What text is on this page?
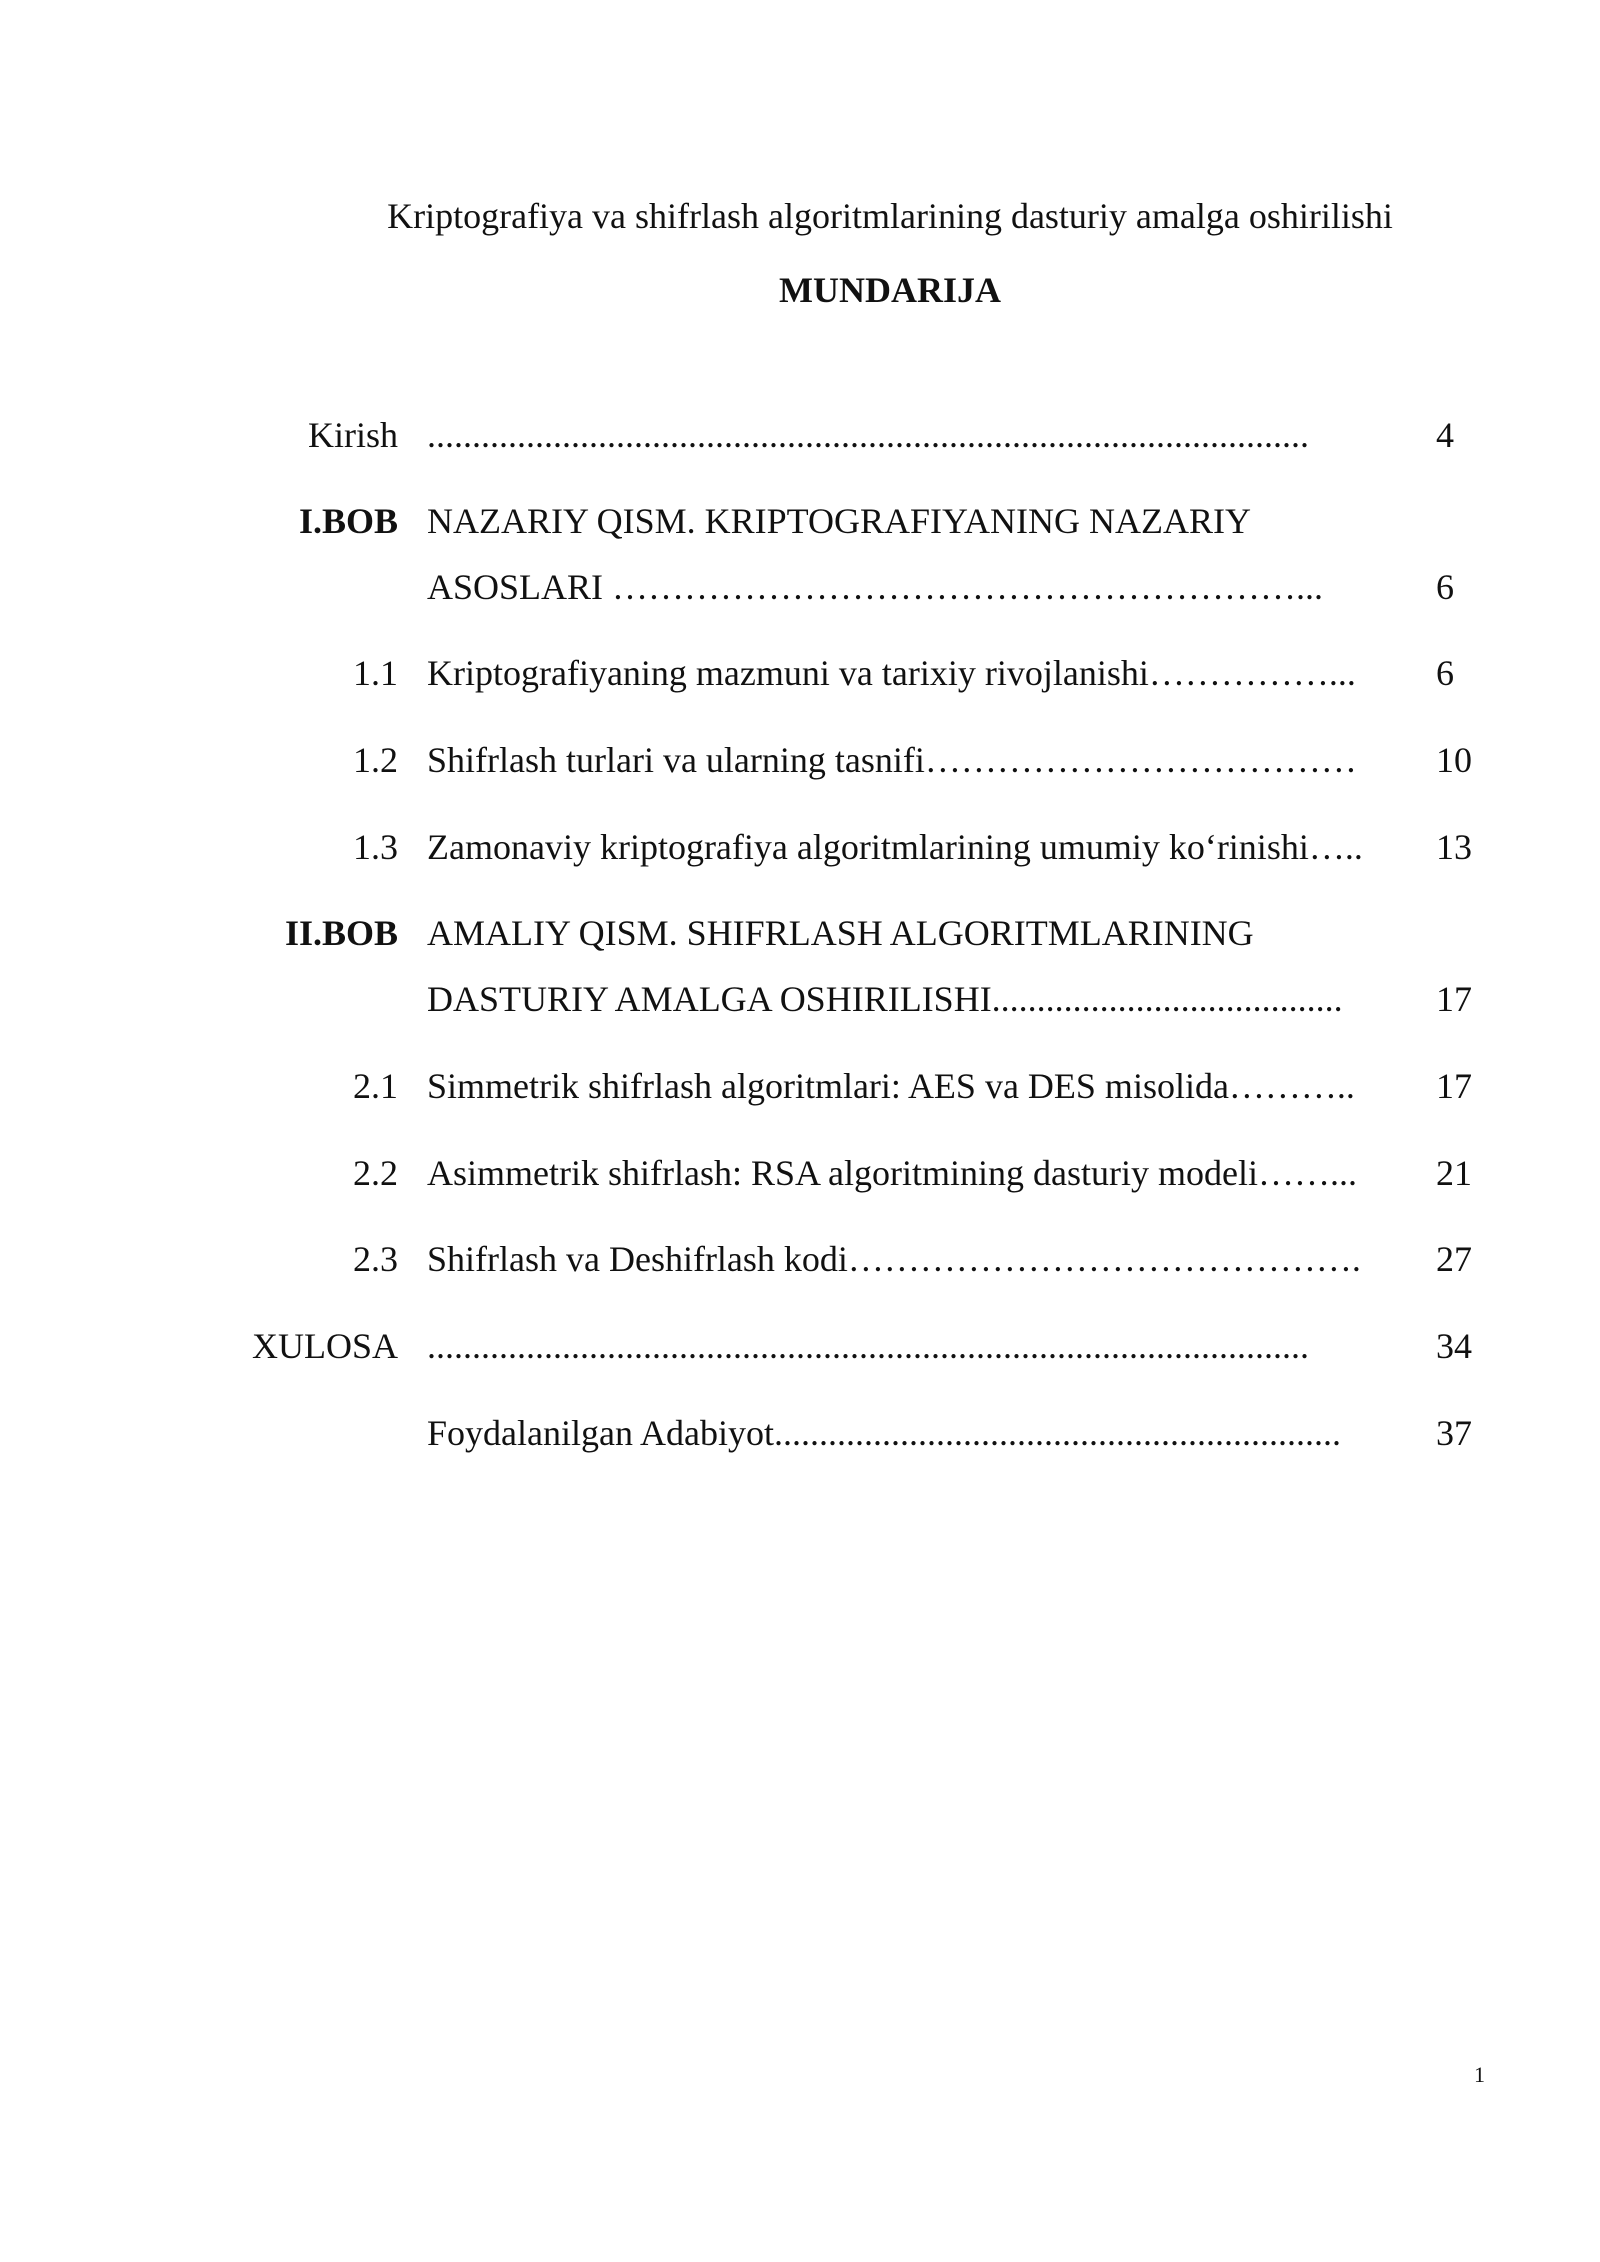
Kriptografiya va shifrlash algoritmlarining dasturiy amalga oshirilishi
MUNDARIJA
Kirish ..................................................................................................	4
I.BOB NAZARIY QISM. KRIPTOGRAFIYANING NAZARIY
ASOSLARI …………………………………………………...	6
1.1 Kriptografiyaning mazmuni va tarixiy rivojlanishi……………...	6
1.2 Shifrlash turlari va ularning tasnifi………………………………	10
1.3 Zamonaviy kriptografiya algoritmlarining umumiy ko‘rinishi…..	13
II.BOB AMALIY QISM. SHIFRLASH ALGORITMLARINING
DASTURIY AMALGA OSHIRILISHI.......................................	17
2.1 Simmetrik shifrlash algoritmlari: AES va DES misolida………..	17
2.2 Asimmetrik shifrlash: RSA algoritmining dasturiy modeli……...	21
2.3 Shifrlash va Deshifrlash kodi…………………………………….	27
XULOSA ..................................................................................................	34
Foydalanilgan Adabiyot...............................................................	37
1
